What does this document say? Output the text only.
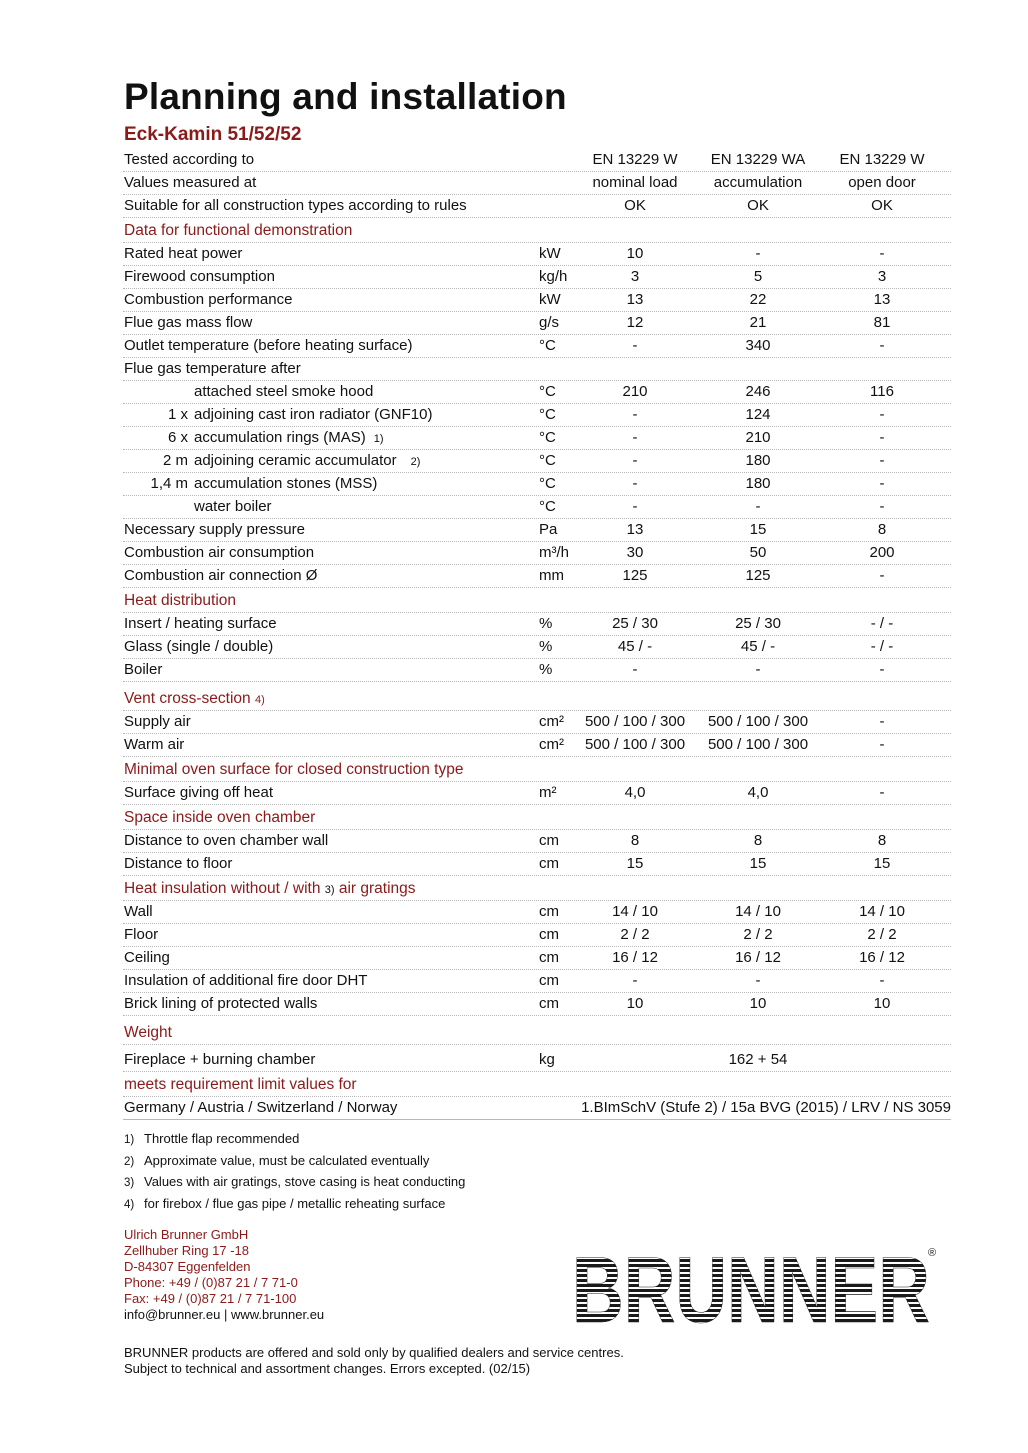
Planning and installation
Eck-Kamin 51/52/52
Tested according to	EN 13229 W	EN 13229 WA	EN 13229 W
Values measured at	nominal load	accumulation	open door
Suitable for all construction types according to rules	OK	OK	OK
Data for functional demonstration
Rated heat power	kW	10	-	-
Firewood consumption	kg/h	3	5	3
Combustion performance	kW	13	22	13
Flue gas mass flow	g/s	12	21	81
Outlet temperature (before heating surface)	°C	-	340	-
Flue gas temperature after
attached steel smoke hood	°C	210	246	116
1 x adjoining cast iron radiator (GNF10)	°C	-	124	-
6 x accumulation rings (MAS) 1)	°C	-	210	-
2 m adjoining ceramic accumulator 2)	°C	-	180	-
1,4 m accumulation stones (MSS)	°C	-	180	-
water boiler	°C	-	-	-
Necessary supply pressure	Pa	13	15	8
Combustion air consumption	m³/h	30	50	200
Combustion air connection Ø	mm	125	125	-
Heat distribution
Insert / heating surface	%	25 / 30	25 / 30	- / -
Glass (single / double)	%	45 / -	45 / -	- / -
Boiler	%	-	-	-
Vent cross-section 4)
Supply air	cm²	500 / 100 / 300	500 / 100 / 300	-
Warm air	cm²	500 / 100 / 300	500 / 100 / 300	-
Minimal oven surface for closed construction type
Surface giving off heat	m²	4,0	4,0	-
Space inside oven chamber
Distance to oven chamber wall	cm	8	8	8
Distance to floor	cm	15	15	15
Heat insulation without / with 3) air gratings
Wall	cm	14 / 10	14 / 10	14 / 10
Floor	cm	2 / 2	2 / 2	2 / 2
Ceiling	cm	16 / 12	16 / 12	16 / 12
Insulation of additional fire door DHT	cm	-	-	-
Brick lining of protected walls	cm	10	10	10
Weight
Fireplace + burning chamber	kg	162 + 54
meets requirement limit values for
Germany / Austria / Switzerland / Norway	1.BImSchV (Stufe 2) / 15a BVG (2015) / LRV / NS 3059
1) Throttle flap recommended
2) Approximate value, must be calculated eventually
3) Values with air gratings, stove casing is heat conducting
4) for firebox / flue gas pipe / metallic reheating surface
Ulrich Brunner GmbH
Zellhuber Ring 17 -18
D-84307 Eggenfelden
Phone: +49 / (0)87 21 / 7 71-0
Fax: +49 / (0)87 21 / 7 71-100
info@brunner.eu | www.brunner.eu	BRUNNER
®
BRUNNER products are offered and sold only by qualified dealers and service centres.
Subject to technical and assortment changes. Errors excepted. (02/15)
